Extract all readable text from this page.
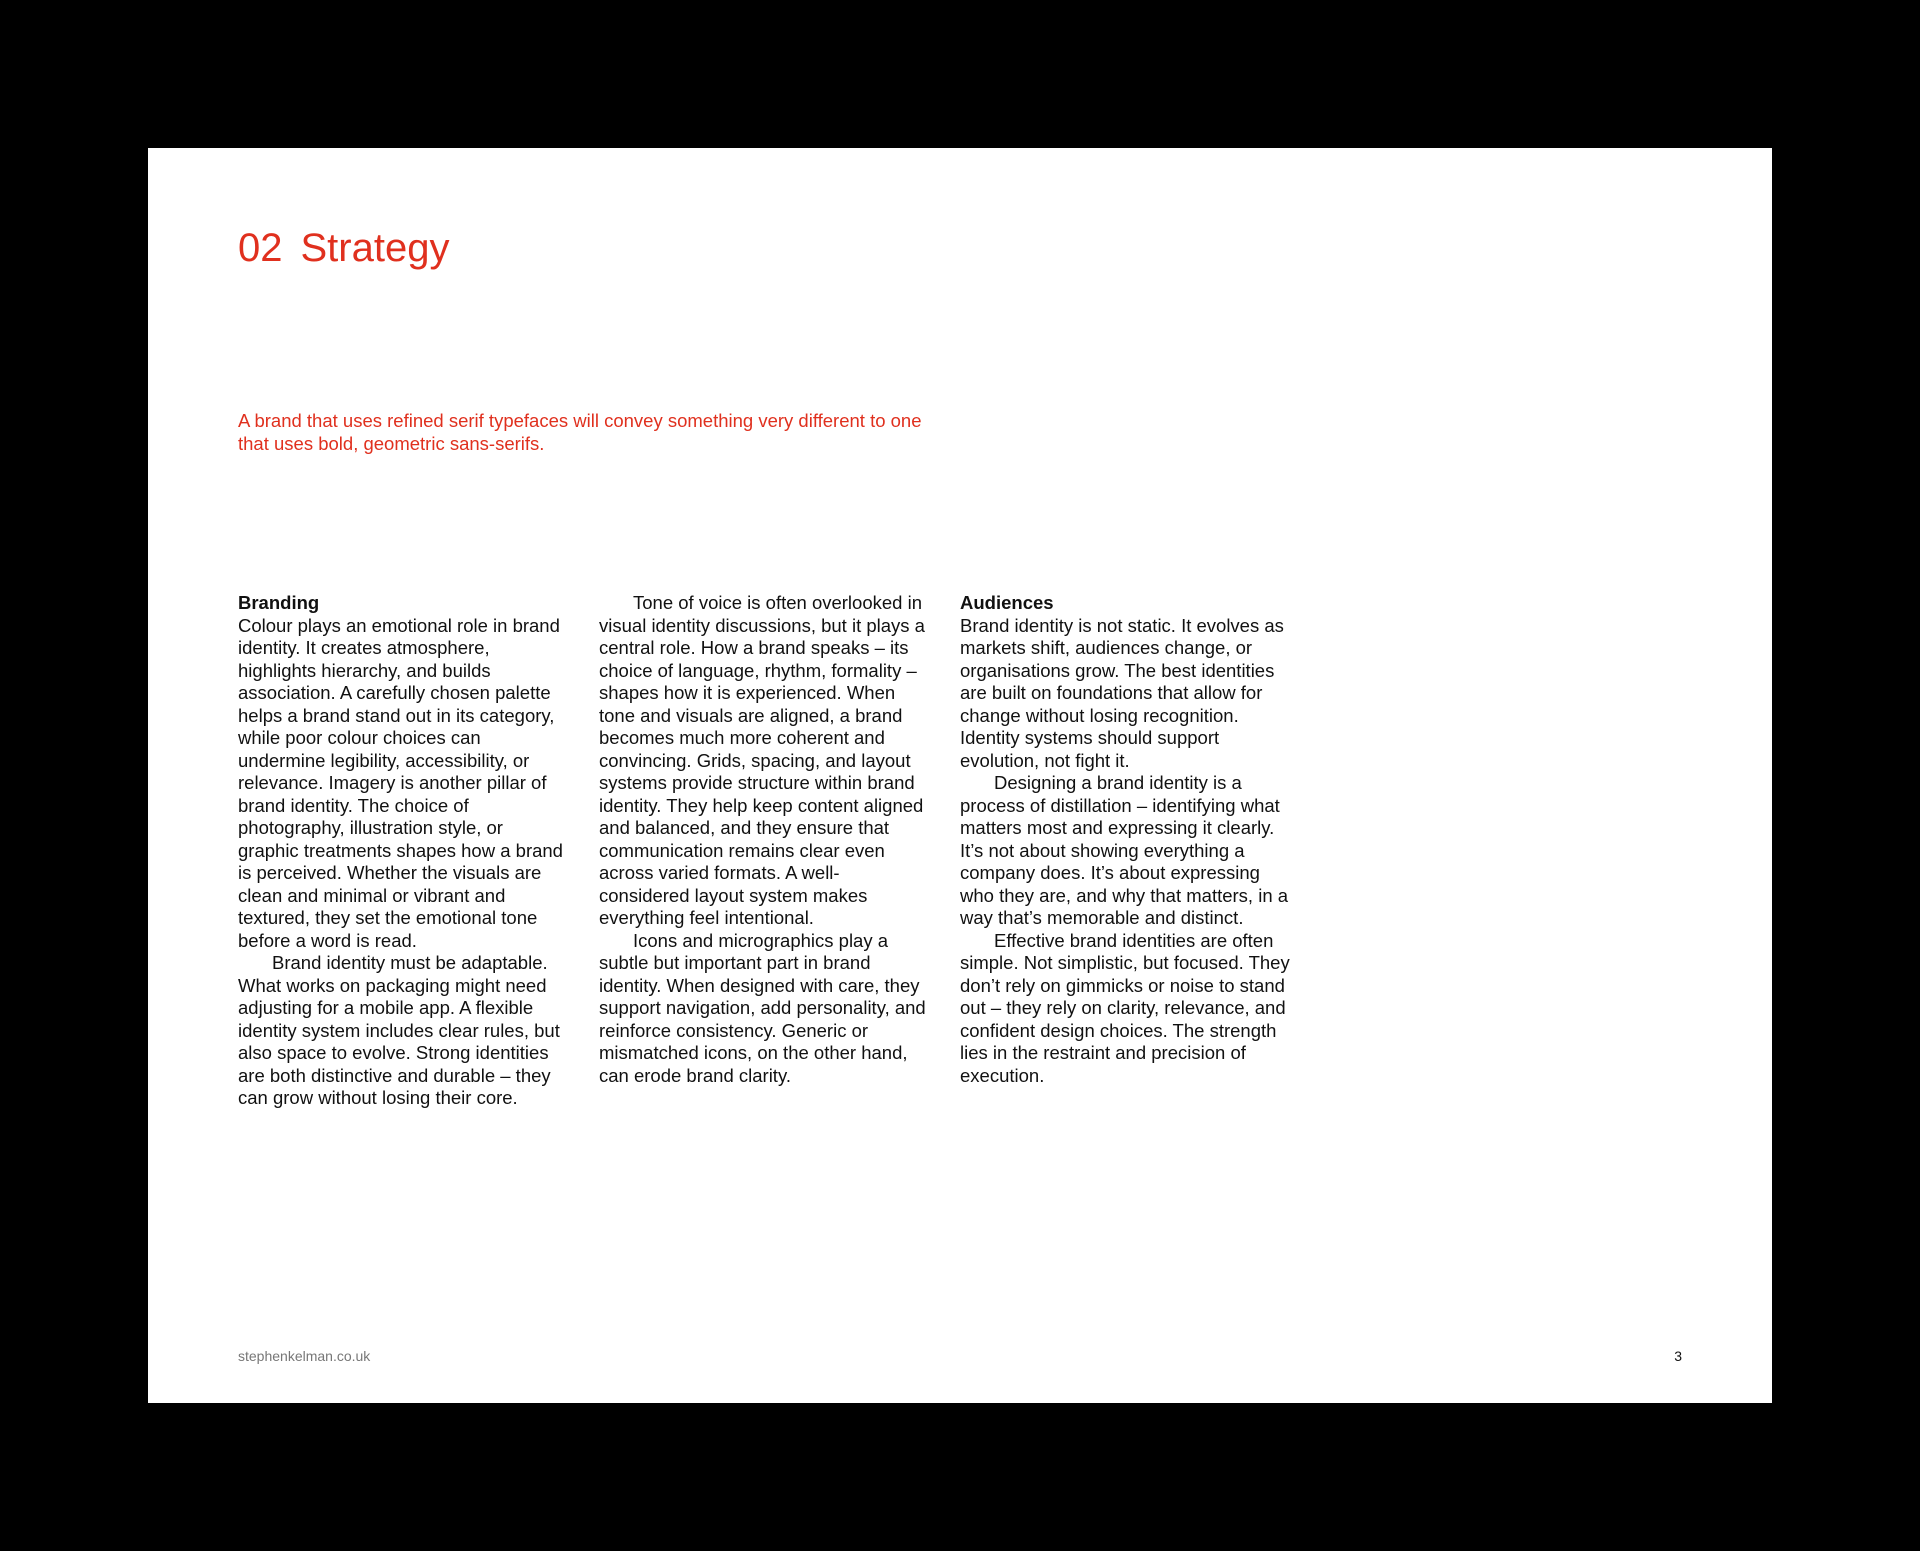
02 Strategy

A brand that uses refined serif typefaces will convey something very different to one that uses bold, geometric sans-serifs.

Branding

Colour plays an emotional role in brand identity. It creates atmosphere, highlights hierarchy, and builds association. A carefully chosen palette helps a brand stand out in its category, while poor colour choices can undermine legibility, accessibility, or relevance. Imagery is another pillar of brand identity. The choice of photography, illustration style, or graphic treatments shapes how a brand is perceived. Whether the visuals are clean and minimal or vibrant and textured, they set the emotional tone before a word is read.

Brand identity must be adaptable. What works on packaging might need adjusting for a mobile app. A flexible identity system includes clear rules, but also space to evolve. Strong identities are both distinctive and durable – they can grow without losing their core.

Tone of voice is often overlooked in visual identity discussions, but it plays a central role. How a brand speaks – its choice of language, rhythm, formality – shapes how it is experienced. When tone and visuals are aligned, a brand becomes much more coherent and convincing. Grids, spacing, and layout systems provide structure within brand identity. They help keep content aligned and balanced, and they ensure that communication remains clear even across varied formats. A well-considered layout system makes everything feel intentional.

Icons and micrographics play a subtle but important part in brand identity. When designed with care, they support navigation, add personality, and reinforce consistency. Generic or mismatched icons, on the other hand, can erode brand clarity.

Audiences

Brand identity is not static. It evolves as markets shift, audiences change, or organisations grow. The best identities are built on foundations that allow for change without losing recognition. Identity systems should support evolution, not fight it.

Designing a brand identity is a process of distillation – identifying what matters most and expressing it clearly. It’s not about showing everything a company does. It’s about expressing who they are, and why that matters, in a way that’s memorable and distinct.

Effective brand identities are often simple. Not simplistic, but focused. They don’t rely on gimmicks or noise to stand out – they rely on clarity, relevance, and confident design choices. The strength lies in the restraint and precision of execution.

stephenkelman.co.uk	3
